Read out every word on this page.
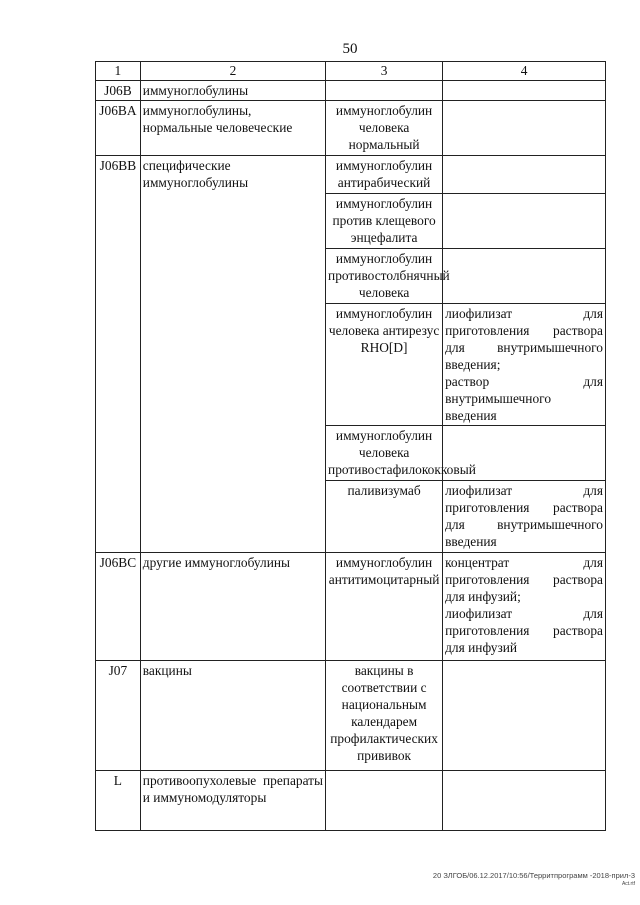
50
1	2	3	4
J06B	иммуноглобулины		
J06BA	иммуноглобулины, нормальные человеческие	иммуноглобулин человека нормальный	
J06BB	специфические иммуноглобулины	иммуноглобулин антирабический	
		иммуноглобулин против клещевого энцефалита	
		иммуноглобулин противостолбнячный человека	
		иммуноглобулин человека антирезус RHO[D]	лиофилизат для приготовления раствора для внутримышечного введения;
раствор для внутримышечного введения

		иммуноглобулин человека противостафилококковый	
		паливизумаб	лиофилизат для приготовления раствора для внутримышечного введения
J06BC	другие иммуноглобулины	иммуноглобулин антитимоцитарный	концентрат для приготовления раствора для инфузий;
лиофилизат для приготовления раствора для инфузий

J07	вакцины	вакцины в соответствии с национальным календарем профилактических прививок	
L	противоопухолевые препараты и иммуномодуляторы		
20 ЗЛГОБ/06.12.2017/10:56/Территпрограмм -2018-прил-3
Act.rtf
